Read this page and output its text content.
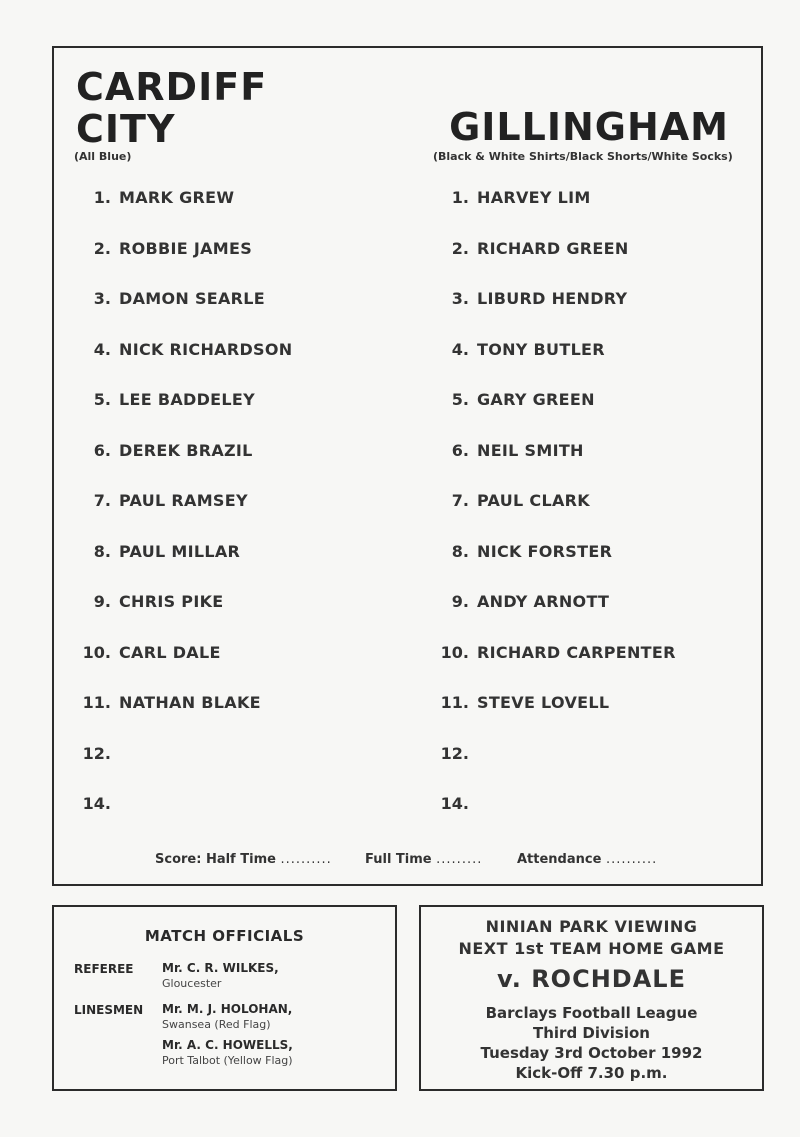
CARDIFF
CITY
(All Blue)
GILLINGHAM
(Black & White Shirts/Black Shorts/White Socks)
1. MARK GREW
2. ROBBIE JAMES
3. DAMON SEARLE
4. NICK RICHARDSON
5. LEE BADDELEY
6. DEREK BRAZIL
7. PAUL RAMSEY
8. PAUL MILLAR
9. CHRIS PIKE
10. CARL DALE
11. NATHAN BLAKE
12.
14.
1. HARVEY LIM
2. RICHARD GREEN
3. LIBURD HENDRY
4. TONY BUTLER
5. GARY GREEN
6. NEIL SMITH
7. PAUL CLARK
8. NICK FORSTER
9. ANDY ARNOTT
10. RICHARD CARPENTER
11. STEVE LOVELL
12.
14.
Score: Half Time ..........	Full Time .........	Attendance ..........
MATCH OFFICIALS
REFEREE Mr. C. R. WILKES,
Gloucester
LINESMEN Mr. M. J. HOLOHAN,
Swansea (Red Flag)
Mr. A. C. HOWELLS,
Port Talbot (Yellow Flag)
NINIAN PARK VIEWING
NEXT 1st TEAM HOME GAME
v. ROCHDALE
Barclays Football League
Third Division
Tuesday 3rd October 1992
Kick-Off 7.30 p.m.
